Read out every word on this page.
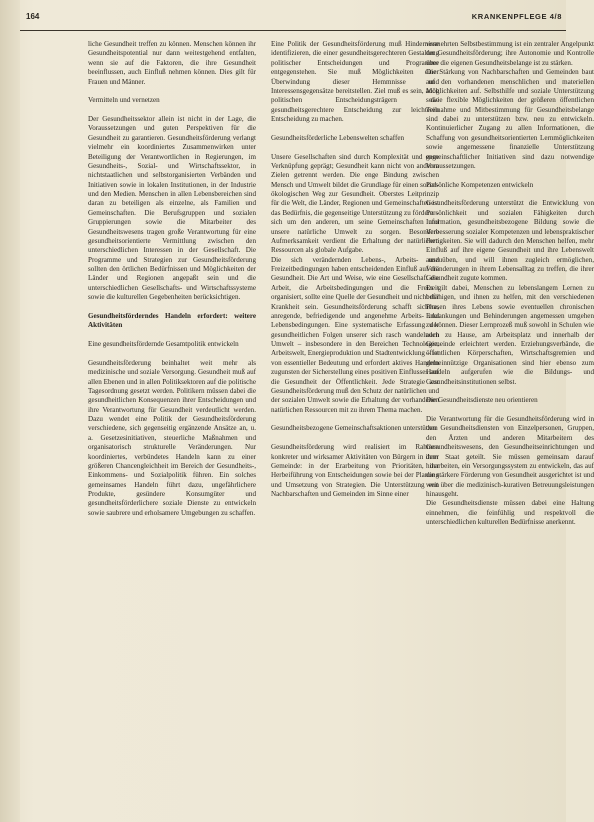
164	KRANKENPFLEGE 4/8

liche Gesundheit treffen zu können. Menschen können ihr Gesundheitspotential nur dann weitestgehend entfalten, wenn sie auf die Faktoren, die ihre Gesundheit beeinflussen, auch Einfluß nehmen können. Dies gilt für Frauen und Männer.

Vermitteln und vernetzen

Der Gesundheitssektor allein ist nicht in der Lage, die Voraussetzungen und guten Perspektiven für die Gesundheit zu garantieren. Gesundheitsförderung verlangt vielmehr ein koordiniertes Zusammenwirken unter Beteiligung der Verantwortlichen in Regierungen, im Gesundheits-, Sozial- und Wirtschaftssektor, in nichtstaatlichen und selbstorganisierten Verbänden und Initiativen sowie in lokalen Institutionen, in der Industrie und den Medien. Menschen in allen Lebensbereichen sind daran zu beteiligen als einzelne, als Familien und Gemeinschaften. Die Berufsgruppen und sozialen Gruppierungen sowie die Mitarbeiter des Gesundheitswesens tragen große Verantwortung für eine gesundheitsorientierte Vermittlung zwischen den unterschiedlichen Interessen in der Gesellschaft. Die Programme und Strategien zur Gesundheitsförderung sollten den örtlichen Bedürfnissen und Möglichkeiten der Länder und Regionen angepaßt sein und die unterschiedlichen Gesellschafts- und Wirtschaftssysteme sowie die kulturellen Gegebenheiten berücksichtigen.

Gesundheitsförderndes Handeln erfordert: weitere Aktivitäten
Eine gesundheitsfördernde Gesamtpolitik entwickeln

Gesundheitsförderung beinhaltet weit mehr als medizinische und soziale Versorgung. Gesundheit muß auf allen Ebenen und in allen Politiksektoren auf die politische Tagesordnung gesetzt werden. Politikern müssen dabei die gesundheitlichen Konsequenzen ihrer Entscheidungen und ihre Verantwortung für Gesundheit verdeutlicht werden. Dazu wendet eine Politik der Gesundheitsförderung verschiedene, sich gegenseitig ergänzende Ansätze an, u. a. Gesetzesinitiativen, steuerliche Maßnahmen und organisatorisch strukturelle Veränderungen. Nur koordiniertes, verbündetes Handeln kann zu einer größeren Chancengleichheit im Bereich der Gesundheits-, Einkommens- und Sozialpolitik führen. Ein solches gemeinsames Handeln führt dazu, ungefährlichere Produkte, gesündere Konsumgüter und gesundheitsförderlichere soziale Dienste zu entwickeln sowie saubrere und erholsamere Umgebungen zu schaffen.

Eine Politik der Gesundheitsförderung muß Hindernisse identifizieren, die einer gesundheitsgerechteren Gestaltung politischer Entscheidungen und Programme entgegenstehen. Sie muß Möglichkeiten einer Überwindung dieser Hemmnisse und Interessensgegensätze bereitstellen. Ziel muß es sein, auch politischen Entscheidungsträgern die gesundheitsgerechtere Entscheidung zur leichteren Entscheidung zu machen.

Gesundheitsförderliche Lebenswelten schaffen

Unsere Gesellschaften sind durch Komplexität und enge Verknüpfung geprägt; Gesundheit kann nicht von anderen Zielen getrennt werden. Die enge Bindung zwischen Mensch und Umwelt bildet die Grundlage für einen sozial-ökologischen Weg zur Gesundheit. Oberstes Leitprinzip für die Welt, die Länder, Regionen und Gemeinschaften ist das Bedürfnis, die gegenseitige Unterstützung zu fördern – sich um den anderen, um seine Gemeinschaften und unsere natürliche Umwelt zu sorgen. Besondere Aufmerksamkeit verdient die Erhaltung der natürlichen Ressourcen als globale Aufgabe.

Die sich verändernden Lebens-, Arbeits- und Freizeitbedingungen haben entscheidenden Einfluß auf die Gesundheit. Die Art und Weise, wie eine Gesellschaft die Arbeit, die Arbeitsbedingungen und die Freizeit organisiert, sollte eine Quelle der Gesundheit und nicht der Krankheit sein. Gesundheitsförderung schafft sichere, anregende, befriedigende und angenehme Arbeits- und Lebensbedingungen. Eine systematische Erfassung der gesundheitlichen Folgen unserer sich rasch wandelnden Umwelt – insbesondere in den Bereichen Technologie, Arbeitswelt, Energieproduktion und Stadtentwicklung – ist von essentieller Bedeutung und erfordert aktives Handeln zugunsten der Sicherstellung eines positiven Einflusses auf die Gesundheit der Öffentlichkeit. Jede Strategie zur Gesundheitsförderung muß den Schutz der natürlichen und der sozialen Umwelt sowie die Erhaltung der vorhandenen natürlichen Ressourcen mit zu ihrem Thema machen.

Gesundheitsbezogene Gemeinschaftsaktionen unterstützen

Gesundheitsförderung wird realisiert im Rahmen konkreter und wirksamer Aktivitäten von Bürgern in ihrer Gemeinde: in der Erarbeitung von Prioritäten, der Herbeiführung von Entscheidungen sowie bei der Planung und Umsetzung von Strategien. Die Unterstützung von Nachbarschaften und Gemeinden im Sinne einer

vermehrten Selbstbestimmung ist ein zentraler Angelpunkt der Gesundheitsförderung; ihre Autonomie und Kontrolle über die eigenen Gesundheitsbelange ist zu stärken.

Die Stärkung von Nachbarschaften und Gemeinden baut auf den vorhandenen menschlichen und materiellen Möglichkeiten auf. Selbsthilfe und soziale Unterstützung sowie flexible Möglichkeiten der größeren öffentlichen Teilnahme und Mitbestimmung für Gesundheitsbelange sind dabei zu unterstützen bzw. neu zu entwickeln. Kontinuierlicher Zugang zu allen Informationen, die Schaffung von gesundheitsorientierten Lernmöglichkeiten sowie angemessene finanzielle Unterstützung gemeinschaftlicher Initiativen sind dazu notwendige Voraussetzungen.

Persönliche Kompetenzen entwickeln

Gesundheitsförderung unterstützt die Entwicklung von Persönlichkeit und sozialen Fähigkeiten durch Information, gesundheitsbezogene Bildung sowie die Verbesserung sozialer Kompetenzen und lebenspraktischer Fertigkeiten. Sie will dadurch den Menschen helfen, mehr Einfluß auf ihre eigene Gesundheit und ihre Lebenswelt auszuüben, und will ihnen zugleich ermöglichen, Veränderungen in ihrem Lebensalltag zu treffen, die ihrer Gesundheit zugute kommen.

Es gilt dabei, Menschen zu lebenslangem Lernen zu befähigen, und ihnen zu helfen, mit den verschiedenen Phasen ihres Lebens sowie eventuellen chronischen Erkrankungen und Behinderungen angemessen umgehen zu können. Dieser Lernprozeß muß sowohl in Schulen wie auch zu Hause, am Arbeitsplatz und innerhalb der Gemeinde erleichtert werden. Erziehungsverbände, die öffentlichen Körperschaften, Wirtschaftsgremien und gemeinnützige Organisationen sind hier ebenso zum Handeln aufgerufen wie die Bildungs- und Gesundheitsinstitutionen selbst.

Die Gesundheitsdienste neu orientieren

Die Verantwortung für die Gesundheitsförderung wird in den Gesundheitsdiensten von Einzelpersonen, Gruppen, den Ärzten und anderen Mitarbeitern des Gesundheitswesens, den Gesundheitseinrichtungen und dem Staat geteilt. Sie müssen gemeinsam darauf hinarbeiten, ein Versorgungssystem zu entwickeln, das auf die stärkere Förderung von Gesundheit ausgerichtet ist und weit über die medizinisch-kurativen Betreuungsleistungen hinausgeht.

Die Gesundheitsdienste müssen dabei eine Haltung einnehmen, die feinfühlig und respektvoll die unterschiedlichen kulturellen Bedürfnisse anerkennt.
